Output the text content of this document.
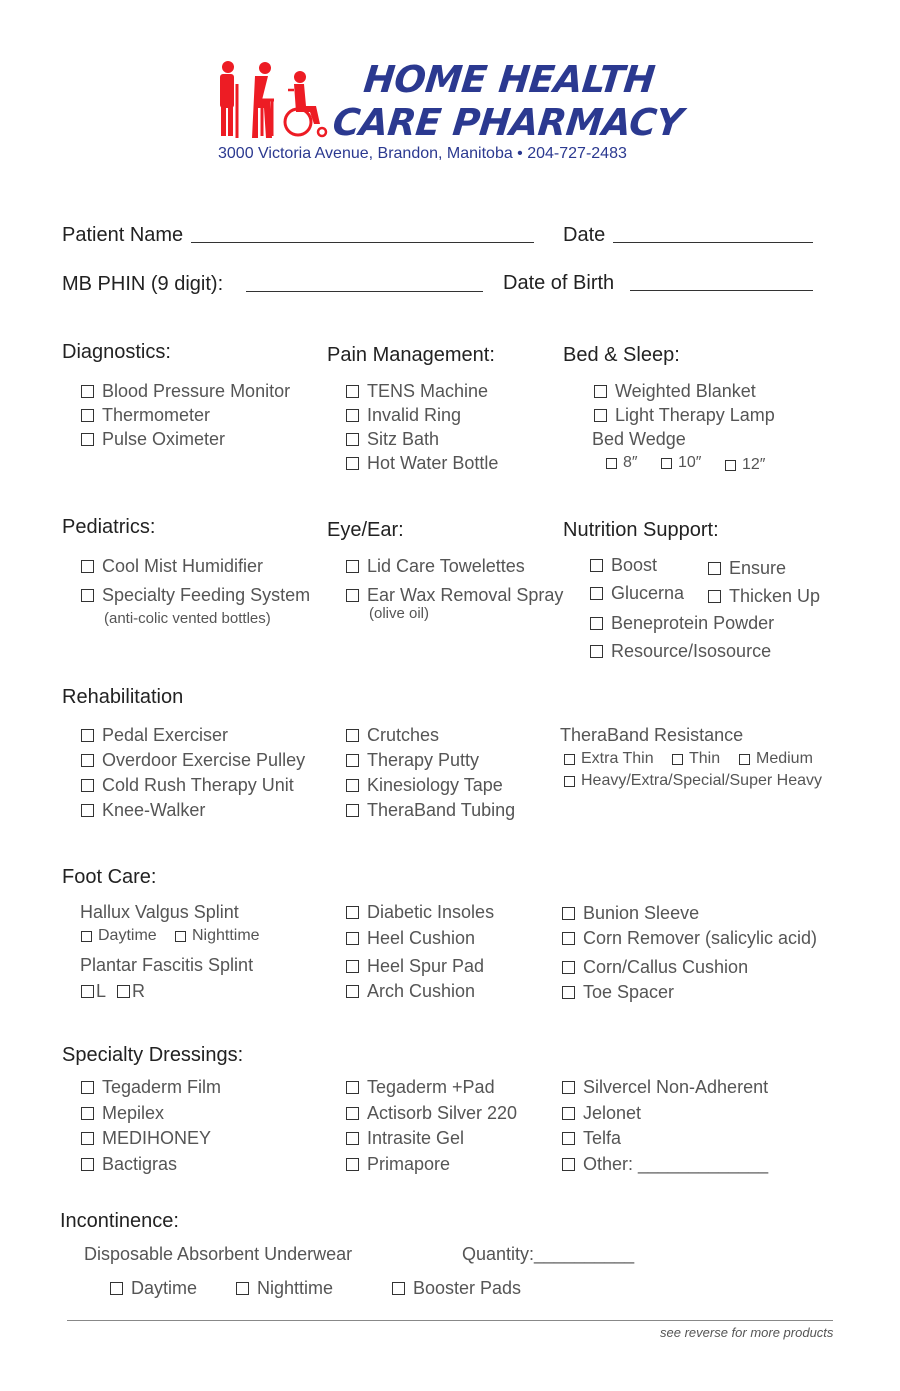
HOME HEALTH
CARE PHARMACY
3000 Victoria Avenue, Brandon, Manitoba • 204-727-2483
Patient Name	Date
MB PHIN (9 digit):	Date of Birth
Diagnostics:
Blood Pressure Monitor
Thermometer
Pulse Oximeter
Pain Management:
TENS Machine
Invalid Ring
Sitz Bath
Hot Water Bottle
Bed & Sleep:
Weighted Blanket
Light Therapy Lamp
Bed Wedge
8″	10″	12″
Pediatrics:
Cool Mist Humidifier
Specialty Feeding System
(anti-colic vented bottles)
Eye/Ear:
Lid Care Towelettes
Ear Wax Removal Spray
(olive oil)
Nutrition Support:
Boost	Ensure
Glucerna Thicken Up
Beneprotein Powder
Resource/Isosource
Rehabilitation
Pedal Exerciser
Overdoor Exercise Pulley
Cold Rush Therapy Unit
Knee-Walker
Crutches
Therapy Putty
Kinesiology Tape
TheraBand Tubing
TheraBand Resistance
Extra Thin Thin Medium
Heavy/Extra/Special/Super Heavy
Foot Care:
Hallux Valgus Splint
Daytime Nighttime
Plantar Fascitis Splint
L R
Diabetic Insoles
Heel Cushion
Heel Spur Pad
Arch Cushion
Bunion Sleeve
Corn Remover (salicylic acid)
Corn/Callus Cushion
Toe Spacer
Specialty Dressings:
Tegaderm Film
Mepilex
MEDIHONEY
Bactigras
Tegaderm +Pad
Actisorb Silver 220
Intrasite Gel
Primapore
Silvercel Non-Adherent
Jelonet
Telfa
Other: _____________
Incontinence:
Disposable Absorbent Underwear	Quantity:__________
Daytime	Nighttime	Booster Pads
see reverse for more products
